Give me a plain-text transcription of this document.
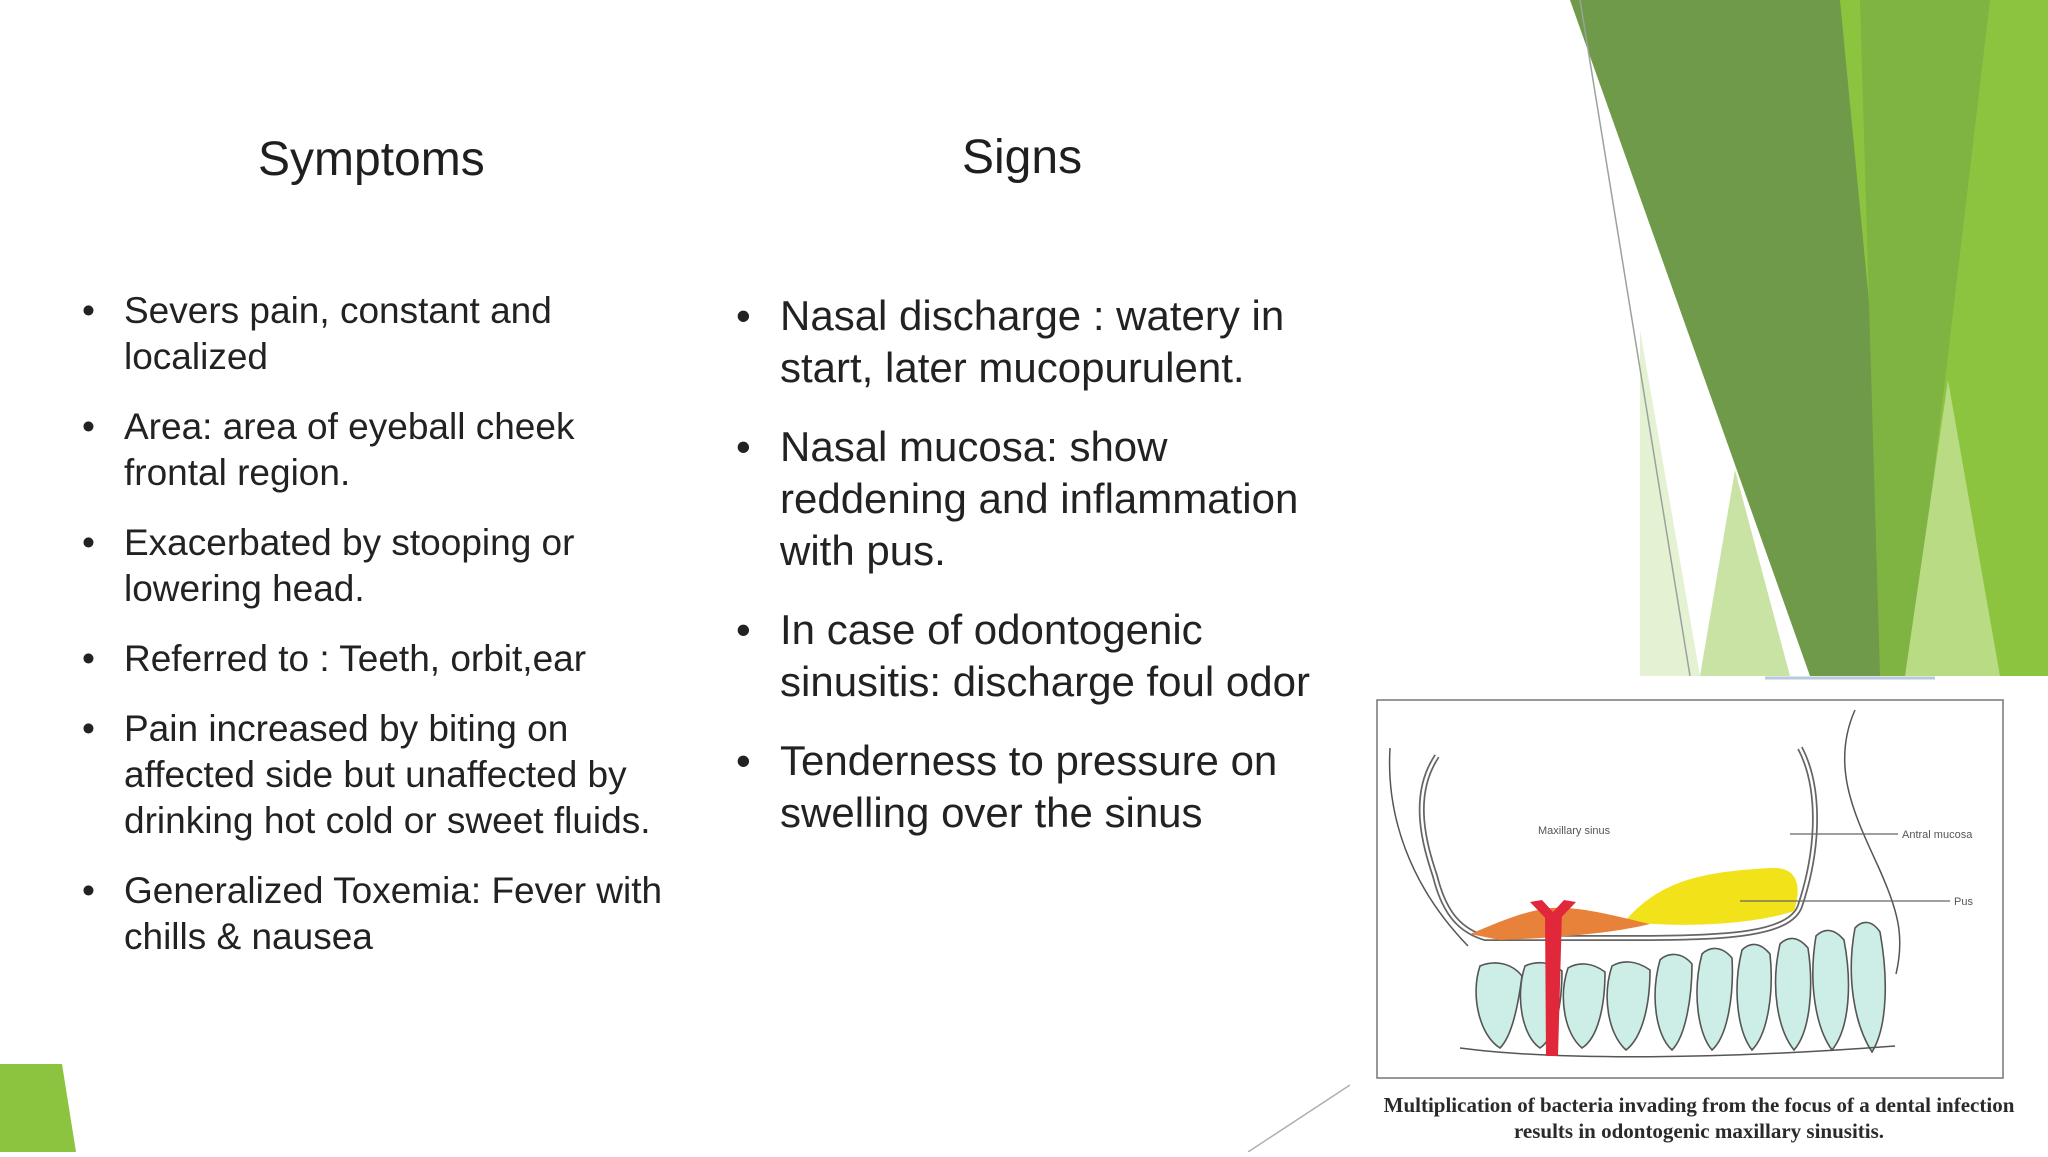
Symptoms	Signs
• Severs pain, constant and
localized
• Area: area of eyeball cheek
frontal region.
• Exacerbated by stooping or
lowering head.
• Referred to : Teeth, orbit,ear
• Pain increased by biting on
affected side but unaffected by
drinking hot cold or sweet fluids.
• Generalized Toxemia: Fever with
chills & nausea
• Nasal discharge : watery in
start, later mucopurulent.
• Nasal mucosa: show
reddening and inflammation
with pus.
• In case of odontogenic
sinusitis: discharge foul odor
• Tenderness to pressure on
swelling over the sinus	Maxillary sinus	Antral mucosa
Pus
Multiplication of bacteria invading from the focus of a dental infection
results in odontogenic maxillary sinusitis.
